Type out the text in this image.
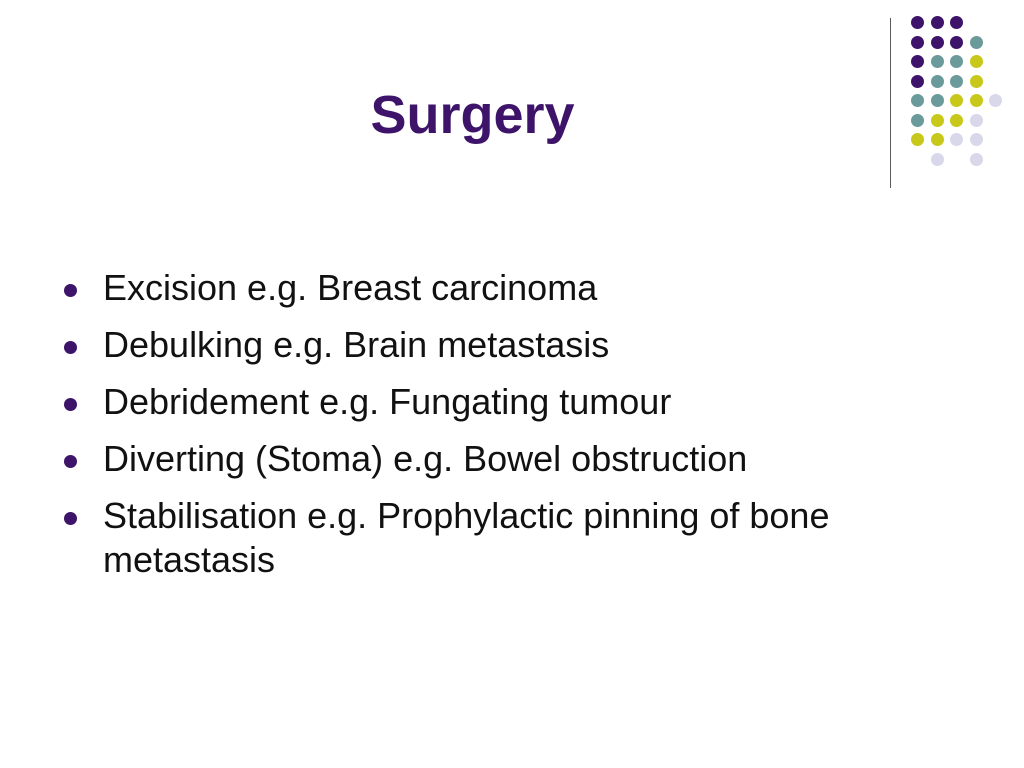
Surgery
Excision e.g. Breast carcinoma
Debulking e.g. Brain metastasis
Debridement e.g. Fungating tumour
Diverting (Stoma) e.g. Bowel obstruction
Stabilisation e.g. Prophylactic pinning of bone metastasis
